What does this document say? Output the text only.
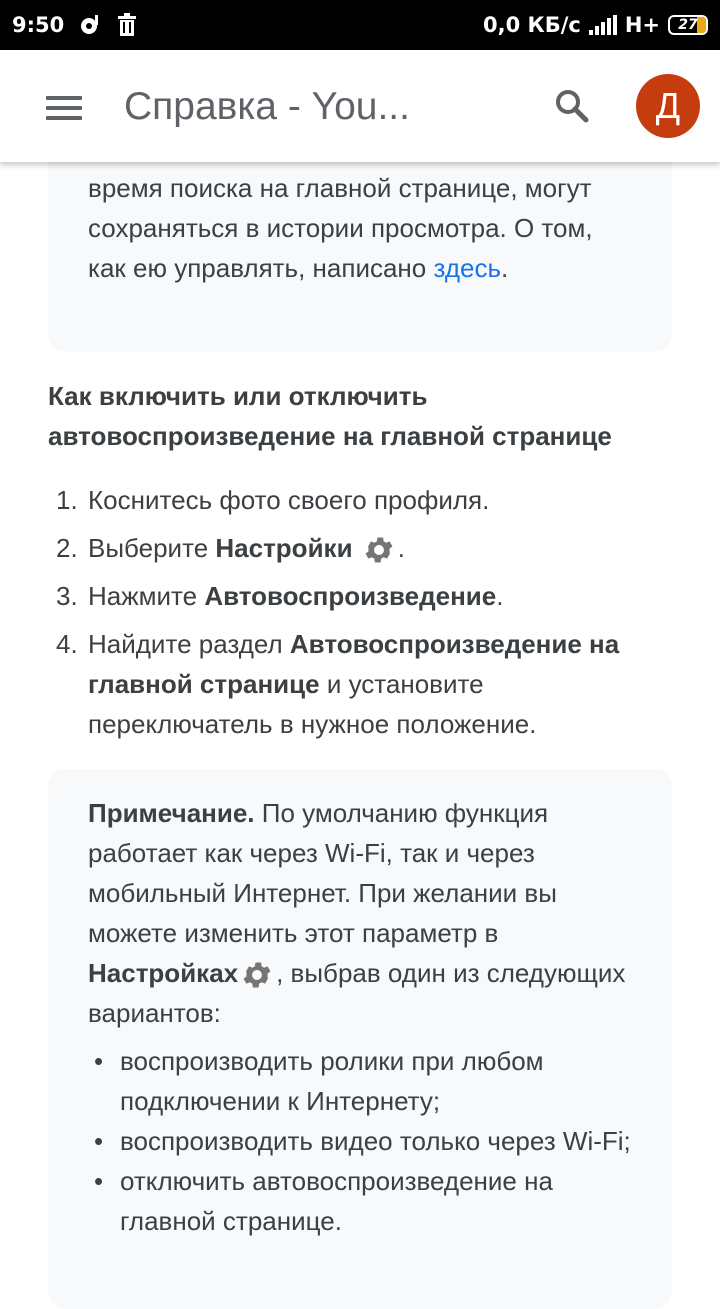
9:50	0,0 КБ/с H+	27
Справка - You...	Д
время поиска на главной странице, могут
сохраняться в истории просмотра. О том,
как ею управлять, написано здесь.
Как включить или отключить
автовоспроизведение на главной странице
1. Коснитесь фото своего профиля.
2. Выберите Настройки .
3. Нажмите Автовоспроизведение.
4. Найдите раздел Автовоспроизведение на главной странице и установите переключатель в нужное положение.
Примечание. По умолчанию функция работает как через Wi-Fi, так и через мобильный Интернет. При желании вы можете изменить этот параметр в Настройках , выбрав один из следующих вариантов:
• воспроизводить ролики при любом подключении к Интернету;
• воспроизводить видео только через Wi-Fi;
• отключить автовоспроизведение на главной странице.
